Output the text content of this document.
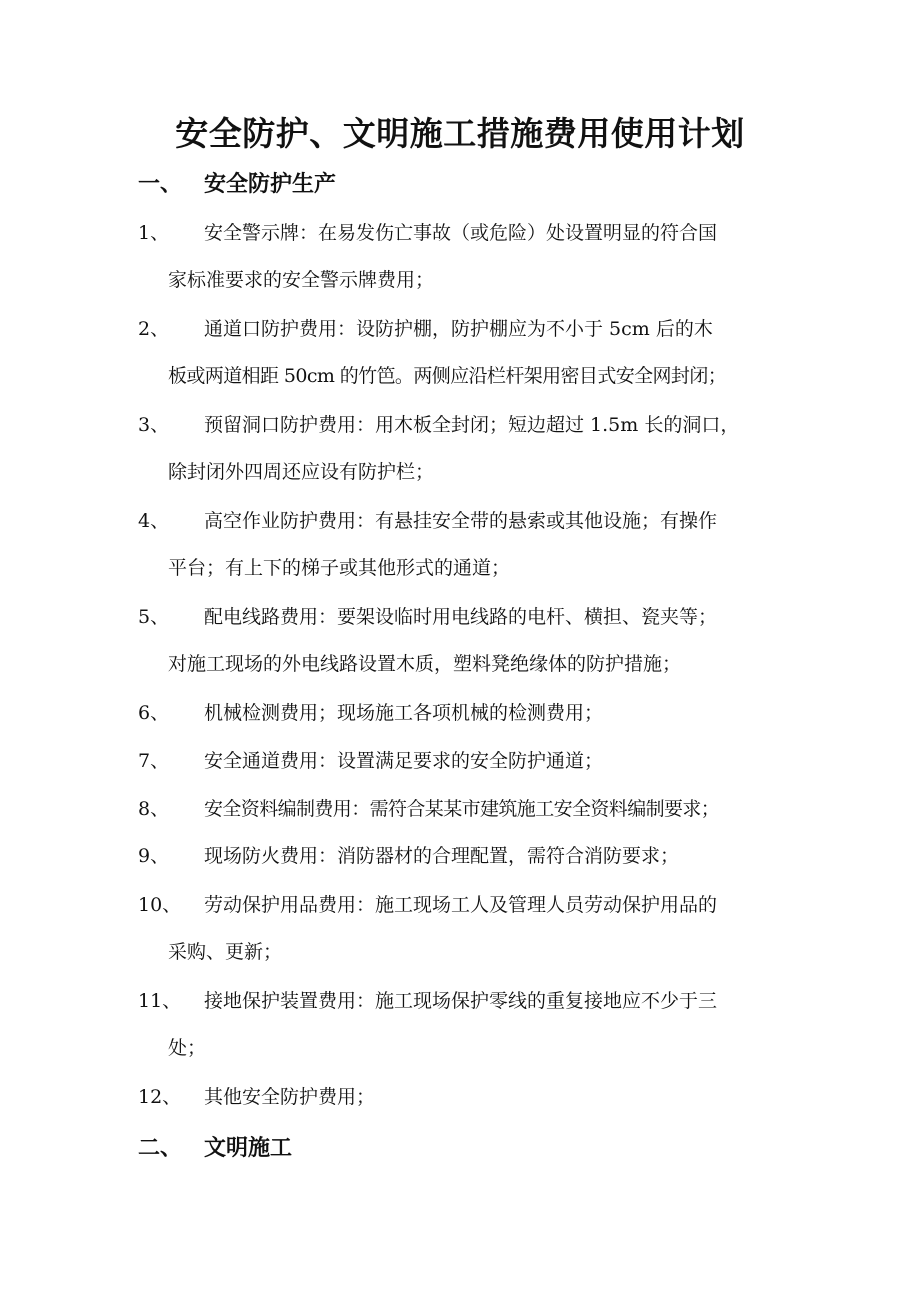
安全防护、文明施工措施费用使用计划
一、 安全防护生产
1、	安全警示牌：在易发伤亡事故（或危险）处设置明显的符合国
家标准要求的安全警示牌费用；
2、	通道口防护费用：设防护棚，防护棚应为不小于 5cm 后的木
板或两道相距 50cm 的竹笆。两侧应沿栏杆架用密目式安全网封闭；
3、	预留洞口防护费用：用木板全封闭；短边超过 1.5m 长的洞口，
除封闭外四周还应设有防护栏；
4、	高空作业防护费用：有悬挂安全带的悬索或其他设施；有操作
平台；有上下的梯子或其他形式的通道；
5、	配电线路费用：要架设临时用电线路的电杆、横担、瓷夹等；
对施工现场的外电线路设置木质，塑料凳绝缘体的防护措施；
6、	机械检测费用；现场施工各项机械的检测费用；
7、	安全通道费用：设置满足要求的安全防护通道；
8、	安全资料编制费用：需符合某某市建筑施工安全资料编制要求；
9、	现场防火费用：消防器材的合理配置，需符合消防要求；
10、	劳动保护用品费用：施工现场工人及管理人员劳动保护用品的
采购、更新；
11、	接地保护装置费用：施工现场保护零线的重复接地应不少于三
处；
12、	其他安全防护费用；
二、 文明施工
